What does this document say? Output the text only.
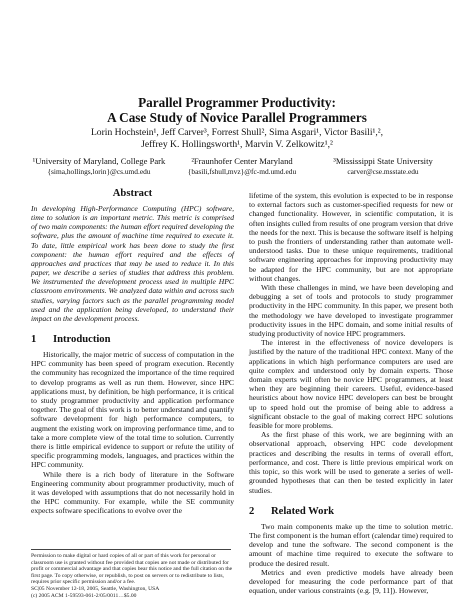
Parallel Programmer Productivity:
A Case Study of Novice Parallel Programmers
Lorin Hochstein¹, Jeff Carver³, Forrest Shull², Sima Asgari¹, Victor Basili¹,²,
Jeffrey K. Hollingsworth¹, Marvin V. Zelkowitz¹,²
¹University of Maryland, College Park
{sima,hollings,lorin}@cs.umd.edu
²Fraunhofer Center Maryland
{basili,fshull,mvz}@fc-md.umd.edu
³Mississippi State University
carver@cse.msstate.edu
Abstract

In developing High-Performance Computing (HPC) software, time to solution is an important metric. This metric is comprised of two main components: the human effort required developing the software, plus the amount of machine time required to execute it. To date, little empirical work has been done to study the first component: the human effort required and the effects of approaches and practices that may be used to reduce it. In this paper, we describe a series of studies that address this problem. We instrumented the development process used in multiple HPC classroom environments. We analyzed data within and across such studies, varying factors such as the parallel programming model used and the application being developed, to understand their impact on the development process.

1 Introduction

Historically, the major metric of success of computation in the HPC community has been speed of program execution. Recently the community has recognized the importance of the time required to develop programs as well as run them. However, since HPC applications must, by definition, be high performance, it is critical to study programmer productivity and application performance together. The goal of this work is to better understand and quantify software development for high performance computers, to augment the existing work on improving performance time, and to take a more complete view of the total time to solution. Currently there is little empirical evidence to support or refute the utility of specific programming models, languages, and practices within the HPC community.

While there is a rich body of literature in the Software Engineering community about programmer productivity, much of it was developed with assumptions that do not necessarily hold in the HPC community. For example, while the SE community expects software specifications to evolve over the

Permission to make digital or hard copies of all or part of this work for personal or classroom use is granted without fee provided that copies are not made or distributed for profit or commercial advantage and that copies bear this notice and the full citation on the first page. To copy otherwise, or republish, to post on servers or to redistribute to lists, requires prior specific permission and/or a fee.
SC|05 November 12-18, 2005, Seattle, Washington, USA
(c) 2005 ACM 1-59593-061-2/05/0011…$5.00

lifetime of the system, this evolution is expected to be in response to external factors such as customer-specified requests for new or changed functionality. However, in scientific computation, it is often insights culled from results of one program version that drive the needs for the next. This is because the software itself is helping to push the frontiers of understanding rather than automate well-understood tasks. Due to these unique requirements, traditional software engineering approaches for improving productivity may be adapted for the HPC community, but are not appropriate without changes.

With these challenges in mind, we have been developing and debugging a set of tools and protocols to study programmer productivity in the HPC community. In this paper, we present both the methodology we have developed to investigate programmer productivity issues in the HPC domain, and some initial results of studying productivity of novice HPC programmers.

The interest in the effectiveness of novice developers is justified by the nature of the traditional HPC context. Many of the applications in which high performance computers are used are quite complex and understood only by domain experts. Those domain experts will often be novice HPC programmers, at least when they are beginning their careers. Useful, evidence-based heuristics about how novice HPC developers can best be brought up to speed hold out the promise of being able to address a significant obstacle to the goal of making correct HPC solutions feasible for more problems.

As the first phase of this work, we are beginning with an observational approach, observing HPC code development practices and describing the results in terms of overall effort, performance, and cost. There is little previous empirical work on this topic, so this work will be used to generate a series of well-grounded hypotheses that can then be tested explicitly in later studies.

2 Related Work

Two main components make up the time to solution metric. The first component is the human effort (calendar time) required to develop and tune the software. The second component is the amount of machine time required to execute the software to produce the desired result.

Metrics and even predictive models have already been developed for measuring the code performance part of that equation, under various constraints (e.g. [9, 11]). However,
